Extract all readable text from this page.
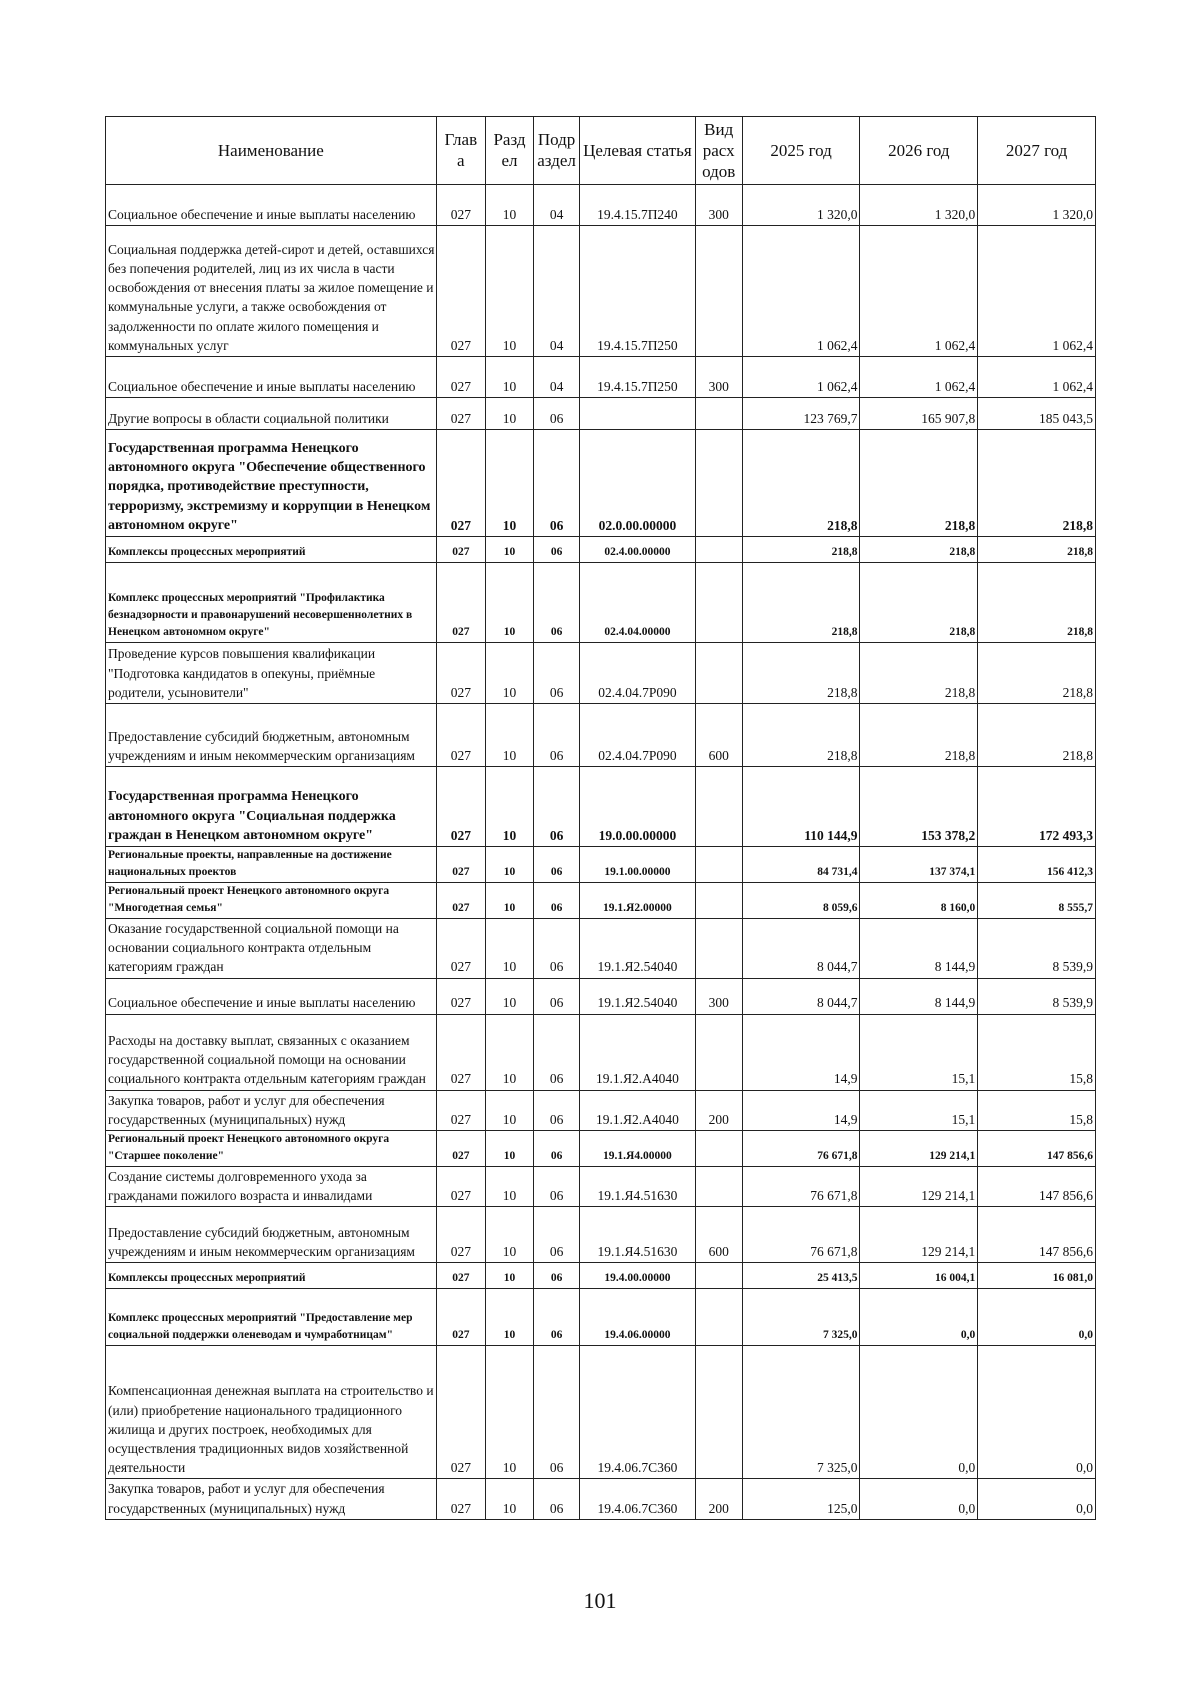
Наименование	Глав а	Разд ел	Подр аздел	Целевая статья	Вид расх одов	2025 год	2026 год	2027 год
Социальное обеспечение и иные выплаты населению	027	10	04	19.4.15.7П240	300	1 320,0	1 320,0	1 320,0
Социальная поддержка детей-сирот и детей, оставшихся без попечения родителей, лиц из их числа в части освобождения от внесения платы за жилое помещение и коммунальные услуги, а также освобождения от задолженности по оплате жилого помещения и коммунальных услуг	027	10	04	19.4.15.7П250		1 062,4	1 062,4	1 062,4
Социальное обеспечение и иные выплаты населению	027	10	04	19.4.15.7П250	300	1 062,4	1 062,4	1 062,4
Другие вопросы в области социальной политики	027	10	06			123 769,7	165 907,8	185 043,5
Государственная программа Ненецкого автономного округа "Обеспечение общественного порядка, противодействие преступности, терроризму, экстремизму и коррупции в Ненецком автономном округе"	027	10	06	02.0.00.00000		218,8	218,8	218,8
Комплексы процессных мероприятий	027	10	06	02.4.00.00000		218,8	218,8	218,8
Комплекс процессных мероприятий "Профилактика безнадзорности и правонарушений несовершеннолетних в Ненецком автономном округе"	027	10	06	02.4.04.00000		218,8	218,8	218,8
Проведение курсов повышения квалификации "Подготовка кандидатов в опекуны, приёмные родители, усыновители"	027	10	06	02.4.04.7Р090		218,8	218,8	218,8
Предоставление субсидий бюджетным, автономным учреждениям и иным некоммерческим организациям	027	10	06	02.4.04.7Р090	600	218,8	218,8	218,8
Государственная программа Ненецкого автономного округа "Социальная поддержка граждан в Ненецком автономном округе"	027	10	06	19.0.00.00000		110 144,9	153 378,2	172 493,3
Региональные проекты, направленные на достижение национальных проектов	027	10	06	19.1.00.00000		84 731,4	137 374,1	156 412,3
Региональный проект Ненецкого автономного округа "Многодетная семья"	027	10	06	19.1.Я2.00000		8 059,6	8 160,0	8 555,7
Оказание государственной социальной помощи на основании социального контракта отдельным категориям граждан	027	10	06	19.1.Я2.54040		8 044,7	8 144,9	8 539,9
Социальное обеспечение и иные выплаты населению	027	10	06	19.1.Я2.54040	300	8 044,7	8 144,9	8 539,9
Расходы на доставку выплат, связанных с оказанием государственной социальной помощи на основании социального контракта отдельным категориям граждан	027	10	06	19.1.Я2.А4040		14,9	15,1	15,8
Закупка товаров, работ и услуг для обеспечения государственных (муниципальных) нужд	027	10	06	19.1.Я2.А4040	200	14,9	15,1	15,8
Региональный проект Ненецкого автономного округа "Старшее поколение"	027	10	06	19.1.Я4.00000		76 671,8	129 214,1	147 856,6
Создание системы долговременного ухода за гражданами пожилого возраста и инвалидами	027	10	06	19.1.Я4.51630		76 671,8	129 214,1	147 856,6
Предоставление субсидий бюджетным, автономным учреждениям и иным некоммерческим организациям	027	10	06	19.1.Я4.51630	600	76 671,8	129 214,1	147 856,6
Комплексы процессных мероприятий	027	10	06	19.4.00.00000		25 413,5	16 004,1	16 081,0
Комплекс процессных мероприятий "Предоставление мер социальной поддержки оленеводам и чумработницам"	027	10	06	19.4.06.00000		7 325,0	0,0	0,0
Компенсационная денежная выплата на строительство и (или) приобретение национального традиционного жилища и других построек, необходимых для осуществления традиционных видов хозяйственной деятельности	027	10	06	19.4.06.7С360		7 325,0	0,0	0,0
Закупка товаров, работ и услуг для обеспечения государственных (муниципальных) нужд	027	10	06	19.4.06.7С360	200	125,0	0,0	0,0
101
